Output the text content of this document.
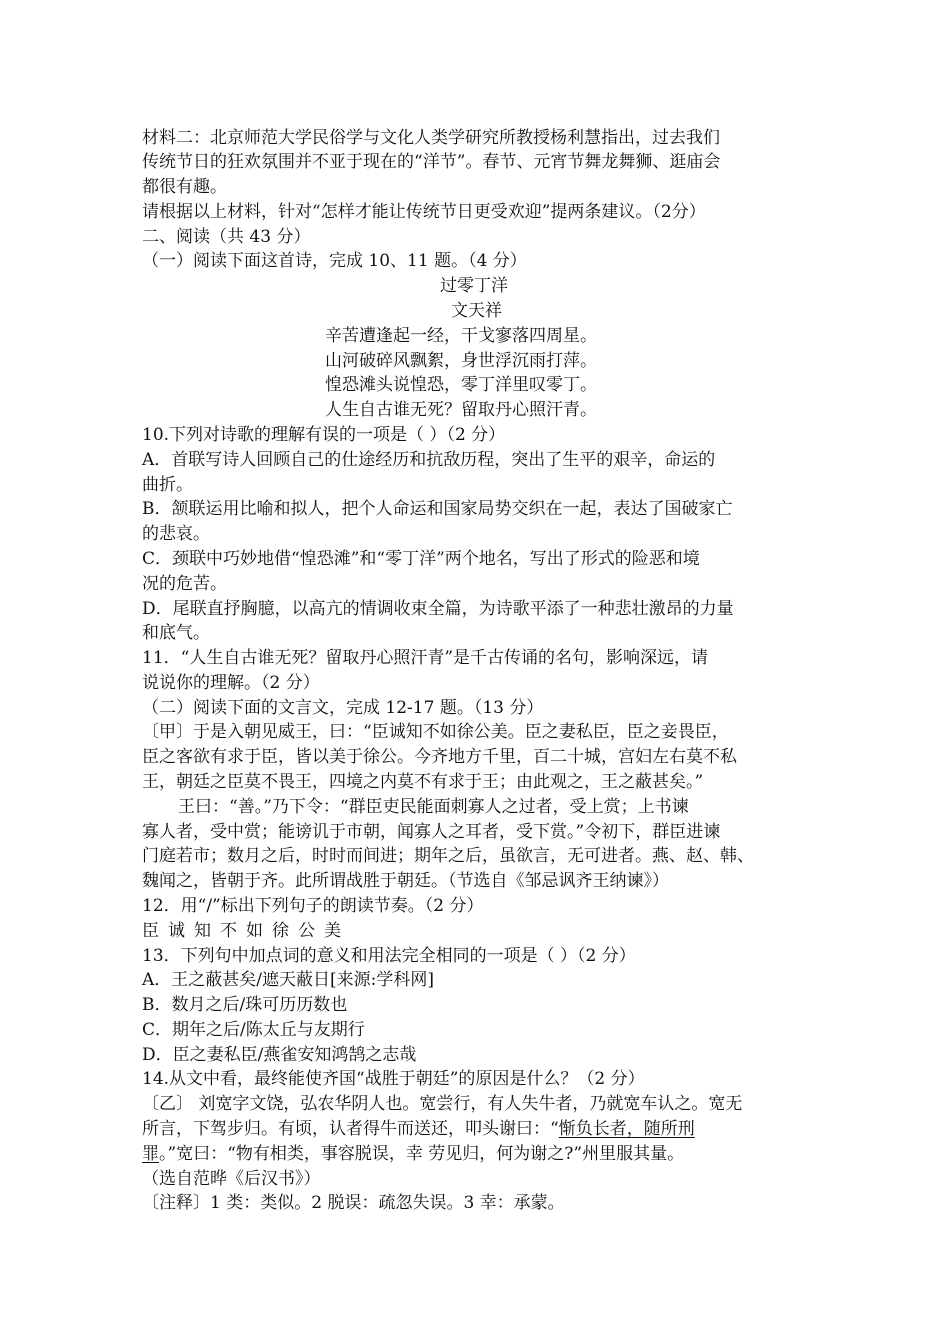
材料二：北京师范大学民俗学与文化人类学研究所教授杨利慧指出，过去我们
传统节日的狂欢氛围并不亚于现在的“洋节”。春节、元宵节舞龙舞狮、逛庙会
都很有趣。
请根据以上材料，针对“怎样才能让传统节日更受欢迎”提两条建议。（2分）
二、阅读（共 43 分）
（一）阅读下面这首诗，完成 10、11 题。（4 分）
过零丁洋
文天祥
辛苦遭逢起一经，干戈寥落四周星。
山河破碎风飘絮，身世浮沉雨打萍。
惶恐滩头说惶恐，零丁洋里叹零丁。
人生自古谁无死？留取丹心照汗青。
10.下列对诗歌的理解有误的一项是（ ）（2 分）
A．首联写诗人回顾自己的仕途经历和抗敌历程，突出了生平的艰辛，命运的
曲折。
B．颔联运用比喻和拟人，把个人命运和国家局势交织在一起，表达了国破家亡
的悲哀。
C．颈联中巧妙地借“惶恐滩”和“零丁洋”两个地名，写出了形式的险恶和境
况的危苦。
D．尾联直抒胸臆，以高亢的情调收束全篇，为诗歌平添了一种悲壮激昂的力量
和底气。
11．“人生自古谁无死？留取丹心照汗青”是千古传诵的名句，影响深远，请
说说你的理解。（2 分）
（二）阅读下面的文言文，完成 12-17 题。（13 分）
〔甲〕于是入朝见威王，曰：“臣诚知不如徐公美。臣之妻私臣，臣之妾畏臣，
臣之客欲有求于臣，皆以美于徐公。今齐地方千里，百二十城，宫妇左右莫不私
王，朝廷之臣莫不畏王，四境之内莫不有求于王；由此观之，王之蔽甚矣。”
王曰：“善。”乃下令：“群臣吏民能面刺寡人之过者，受上赏；上书谏
寡人者，受中赏；能谤讥于市朝，闻寡人之耳者，受下赏。”令初下，群臣进谏
门庭若市；数月之后，时时而间进；期年之后，虽欲言，无可进者。燕、赵、韩、
魏闻之，皆朝于齐。此所谓战胜于朝廷。（节选自《邹忌讽齐王纳谏》）
12．用“/”标出下列句子的朗读节奏。（2 分）
臣诚知不如徐公美
13．下列句中加点词的意义和用法完全相同的一项是（ ）（2 分）
A．王之蔽甚矣/遮天蔽日[来源:学科网]
B．数月之后/珠可历历数也
C．期年之后/陈太丘与友期行
D．臣之妻私臣/燕雀安知鸿鹄之志哉
14.从文中看，最终能使齐国“战胜于朝廷”的原因是什么？（2 分）
〔乙〕 刘宽字文饶，弘农华阴人也。宽尝行，有人失牛者，乃就宽车认之。宽无
所言，下驾步归。有顷，认者得牛而送还，叩头谢曰：“惭负长者，随所刑
罪。”宽曰：“物有相类，事容脱误，幸 劳见归，何为谢之?”州里服其量。
（选自范晔《后汉书》）
〔注释〕1 类：类似。2 脱误：疏忽失误。3 幸：承蒙。
